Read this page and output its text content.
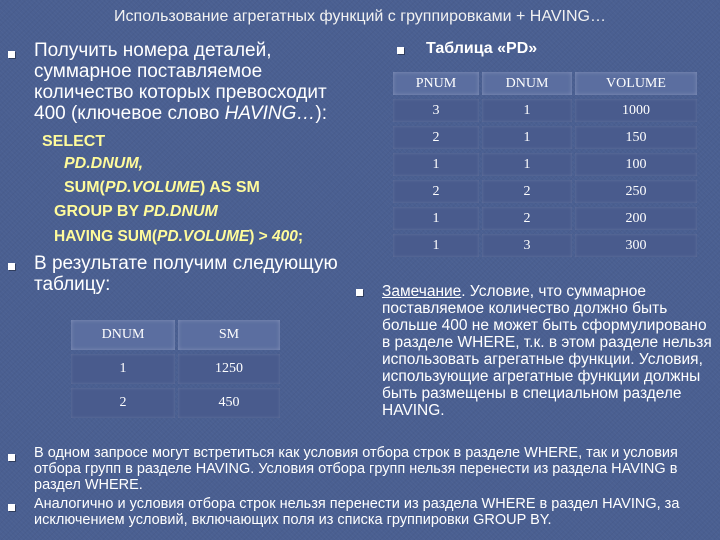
Использование агрегатных функций с группировками + HAVING…
Получить номера деталей,
суммарное поставляемое
количество которых превосходит
400 (ключевое слово HAVING…):
SELECT
PD.DNUM,
SUM(PD.VOLUME) AS SM
GROUP BY PD.DNUM
HAVING SUM(PD.VOLUME) > 400;
Таблица «PD»
PNUM	DNUM	VOLUME
3	1	1000
2	1	150
1	1	100
2	2	250
1	2	200
1	3	300
В результате получим следующую
таблицу:
DNUM	SM
1	1250
2	450
Замечание. Условие, что суммарное поставляемое количество должно быть больше 400 не может быть сформулировано в разделе WHERE, т.к. в этом разделе нельзя использовать агрегатные функции. Условия, использующие агрегатные функции должны быть размещены в специальном разделе HAVING.
В одном запросе могут встретиться как условия отбора строк в разделе WHERE, так и условия отбора групп в разделе HAVING. Условия отбора групп нельзя перенести из раздела HAVING в раздел WHERE.
Аналогично и условия отбора строк нельзя перенести из раздела WHERE в раздел HAVING, за исключением условий, включающих поля из списка группировки GROUP BY.
